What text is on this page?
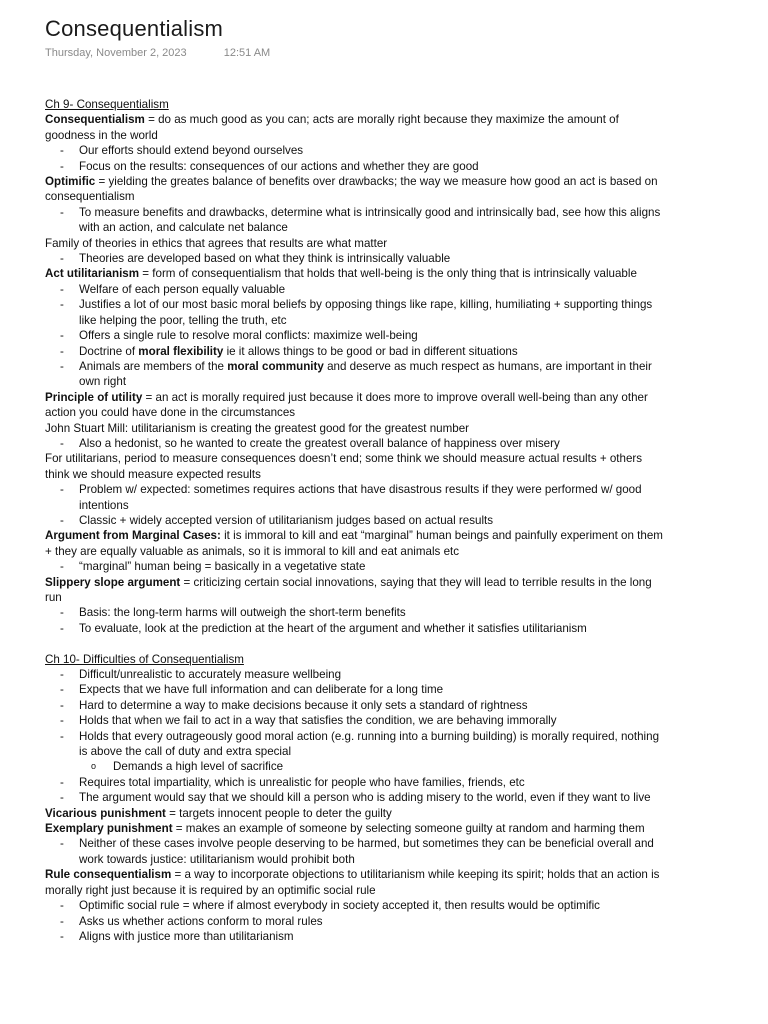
Consequentialism
Thursday, November 2, 2023	12:51 AM

Ch 9- Consequentialism

Consequentialism = do as much good as you can; acts are morally right because they maximize the amount of goodness in the world

- Our efforts should extend beyond ourselves

- Focus on the results: consequences of our actions and whether they are good

Optimific = yielding the greates balance of benefits over drawbacks; the way we measure how good an act is based on consequentialism

- To measure benefits and drawbacks, determine what is intrinsically good and intrinsically bad, see how this aligns with an action, and calculate net balance

Family of theories in ethics that agrees that results are what matter

- Theories are developed based on what they think is intrinsically valuable

Act utilitarianism = form of consequentialism that holds that well-being is the only thing that is intrinsically valuable

- Welfare of each person equally valuable

- Justifies a lot of our most basic moral beliefs by opposing things like rape, killing, humiliating + supporting things like helping the poor, telling the truth, etc

- Offers a single rule to resolve moral conflicts: maximize well-being

- Doctrine of moral flexibility ie it allows things to be good or bad in different situations

- Animals are members of the moral community and deserve as much respect as humans, are important in their own right

Principle of utility = an act is morally required just because it does more to improve overall well-being than any other action you could have done in the circumstances

John Stuart Mill: utilitarianism is creating the greatest good for the greatest number

- Also a hedonist, so he wanted to create the greatest overall balance of happiness over misery

For utilitarians, period to measure consequences doesn’t end; some think we should measure actual results + others think we should measure expected results

- Problem w/ expected: sometimes requires actions that have disastrous results if they were performed w/ good intentions

- Classic + widely accepted version of utilitarianism judges based on actual results

Argument from Marginal Cases: it is immoral to kill and eat “marginal” human beings and painfully experiment on them + they are equally valuable as animals, so it is immoral to kill and eat animals etc

- “marginal” human being = basically in a vegetative state

Slippery slope argument = criticizing certain social innovations, saying that they will lead to terrible results in the long run

- Basis: the long-term harms will outweigh the short-term benefits

- To evaluate, look at the prediction at the heart of the argument and whether it satisfies utilitarianism

Ch 10- Difficulties of Consequentialism

- Difficult/unrealistic to accurately measure wellbeing

- Expects that we have full information and can deliberate for a long time

- Hard to determine a way to make decisions because it only sets a standard of rightness

- Holds that when we fail to act in a way that satisfies the condition, we are behaving immorally

- Holds that every outrageously good moral action (e.g. running into a burning building) is morally required, nothing is above the call of duty and extra special

o Demands a high level of sacrifice

- Requires total impartiality, which is unrealistic for people who have families, friends, etc

- The argument would say that we should kill a person who is adding misery to the world, even if they want to live

Vicarious punishment = targets innocent people to deter the guilty

Exemplary punishment = makes an example of someone by selecting someone guilty at random and harming them

- Neither of these cases involve people deserving to be harmed, but sometimes they can be beneficial overall and work towards justice: utilitarianism would prohibit both

Rule consequentialism = a way to incorporate objections to utilitarianism while keeping its spirit; holds that an action is morally right just because it is required by an optimific social rule

- Optimific social rule = where if almost everybody in society accepted it, then results would be optimific

- Asks us whether actions conform to moral rules

- Aligns with justice more than utilitarianism
